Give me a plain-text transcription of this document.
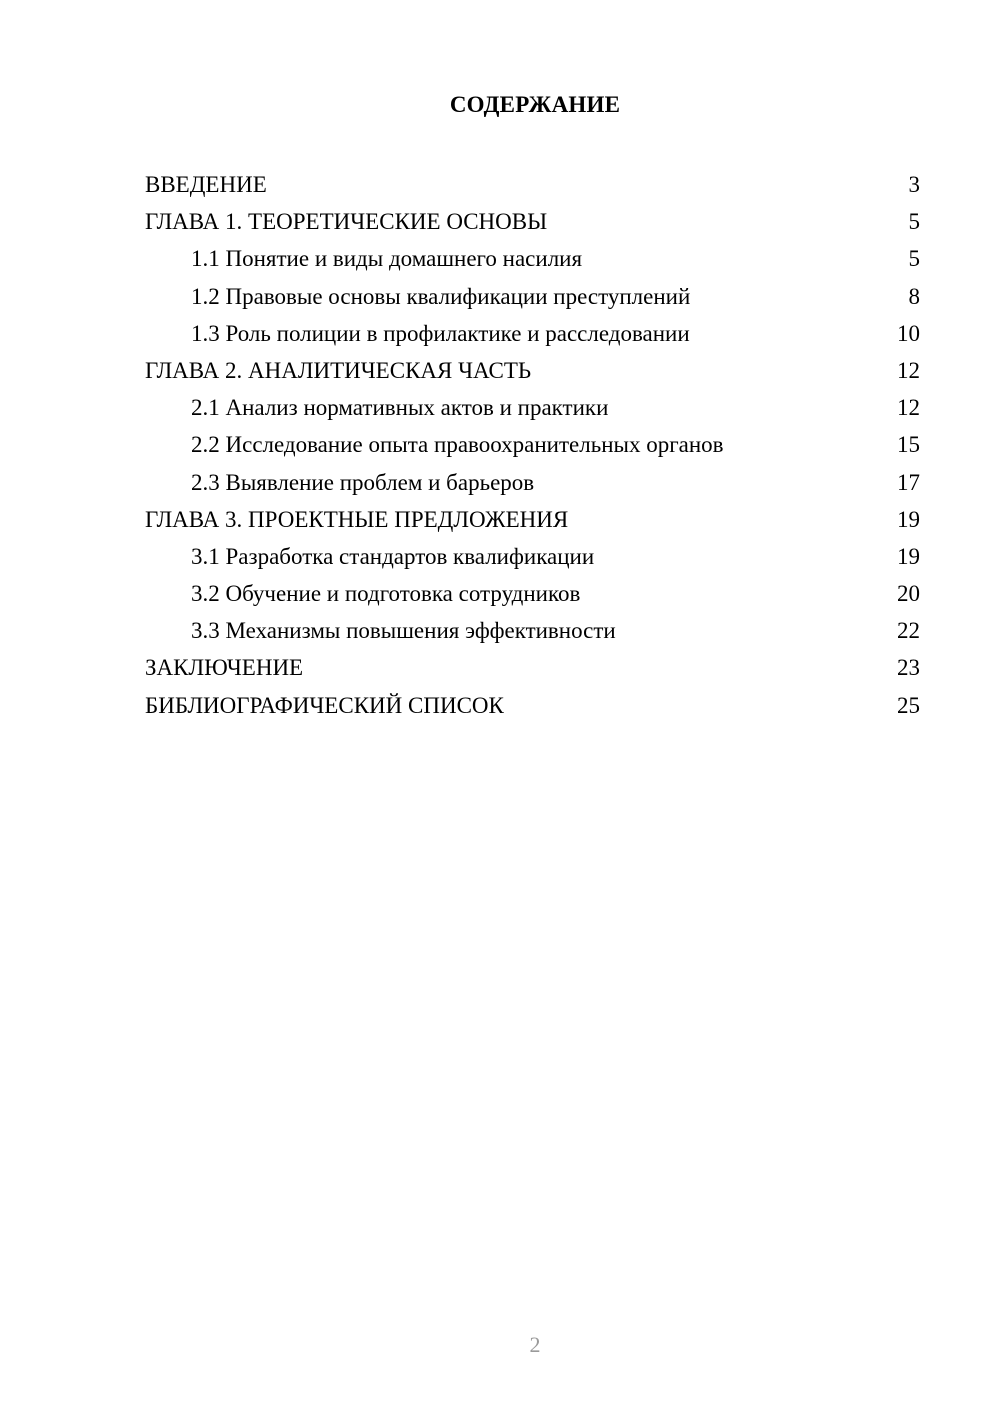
СОДЕРЖАНИЕ
ВВЕДЕНИЕ	3
ГЛАВА 1. ТЕОРЕТИЧЕСКИЕ ОСНОВЫ	5
1.1 Понятие и виды домашнего насилия	5
1.2 Правовые основы квалификации преступлений	8
1.3 Роль полиции в профилактике и расследовании	10
ГЛАВА 2. АНАЛИТИЧЕСКАЯ ЧАСТЬ	12
2.1 Анализ нормативных актов и практики	12
2.2 Исследование опыта правоохранительных органов	15
2.3 Выявление проблем и барьеров	17
ГЛАВА 3. ПРОЕКТНЫЕ ПРЕДЛОЖЕНИЯ	19
3.1 Разработка стандартов квалификации	19
3.2 Обучение и подготовка сотрудников	20
3.3 Механизмы повышения эффективности	22
ЗАКЛЮЧЕНИЕ	23
БИБЛИОГРАФИЧЕСКИЙ СПИСОК	25
2
